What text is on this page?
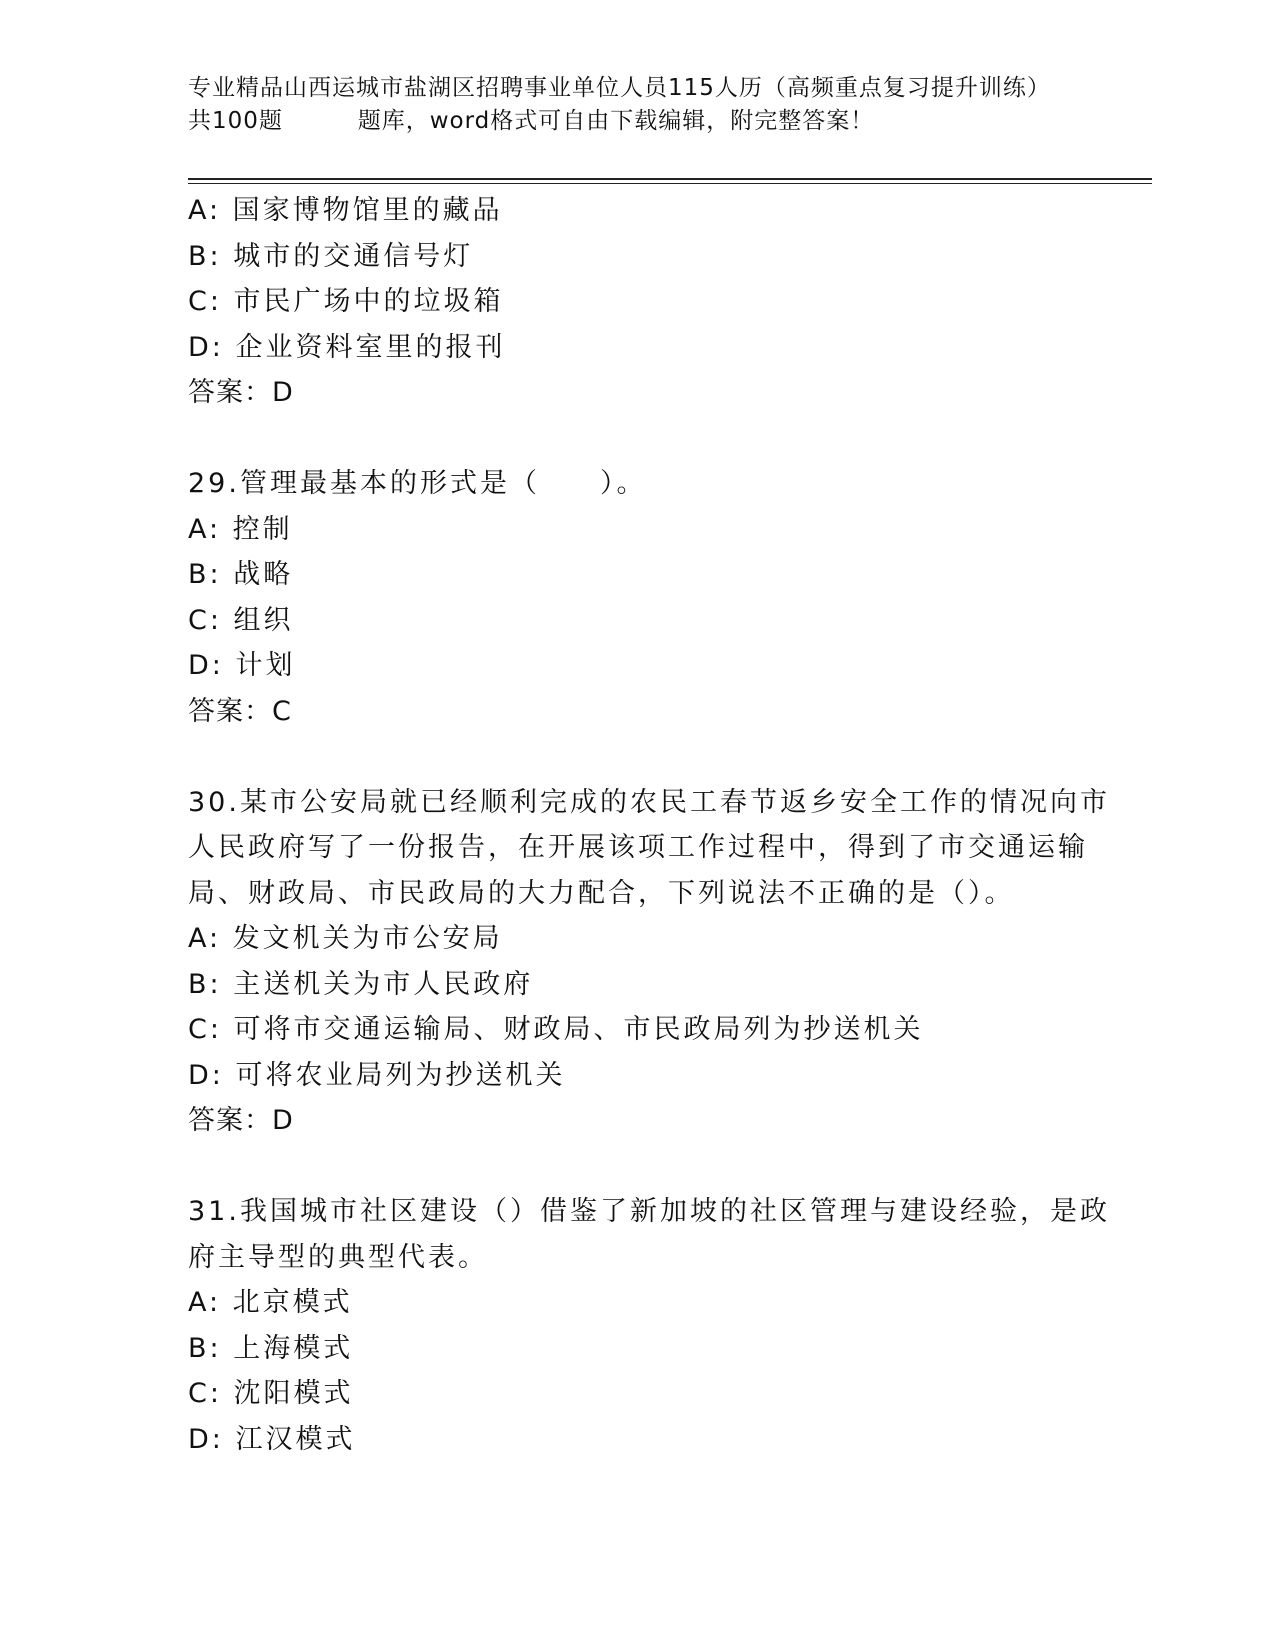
专业精品山西运城市盐湖区招聘事业单位人员115人历（高频重点复习提升训练）
共100题         题库，word格式可自由下载编辑，附完整答案！
A: 国家博物馆里的藏品
B: 城市的交通信号灯
C: 市民广场中的垃圾箱
D: 企业资料室里的报刊
答案：D
29.管理最基本的形式是（　　）。
A: 控制
B: 战略
C: 组织
D: 计划
答案：C
30.某市公安局就已经顺利完成的农民工春节返乡安全工作的情况向市
人民政府写了一份报告，在开展该项工作过程中，得到了市交通运输
局、财政局、市民政局的大力配合，下列说法不正确的是（）。
A: 发文机关为市公安局
B: 主送机关为市人民政府
C: 可将市交通运输局、财政局、市民政局列为抄送机关
D: 可将农业局列为抄送机关
答案：D
31.我国城市社区建设（）借鉴了新加坡的社区管理与建设经验，是政
府主导型的典型代表。
A: 北京模式
B: 上海模式
C: 沈阳模式
D: 江汉模式
